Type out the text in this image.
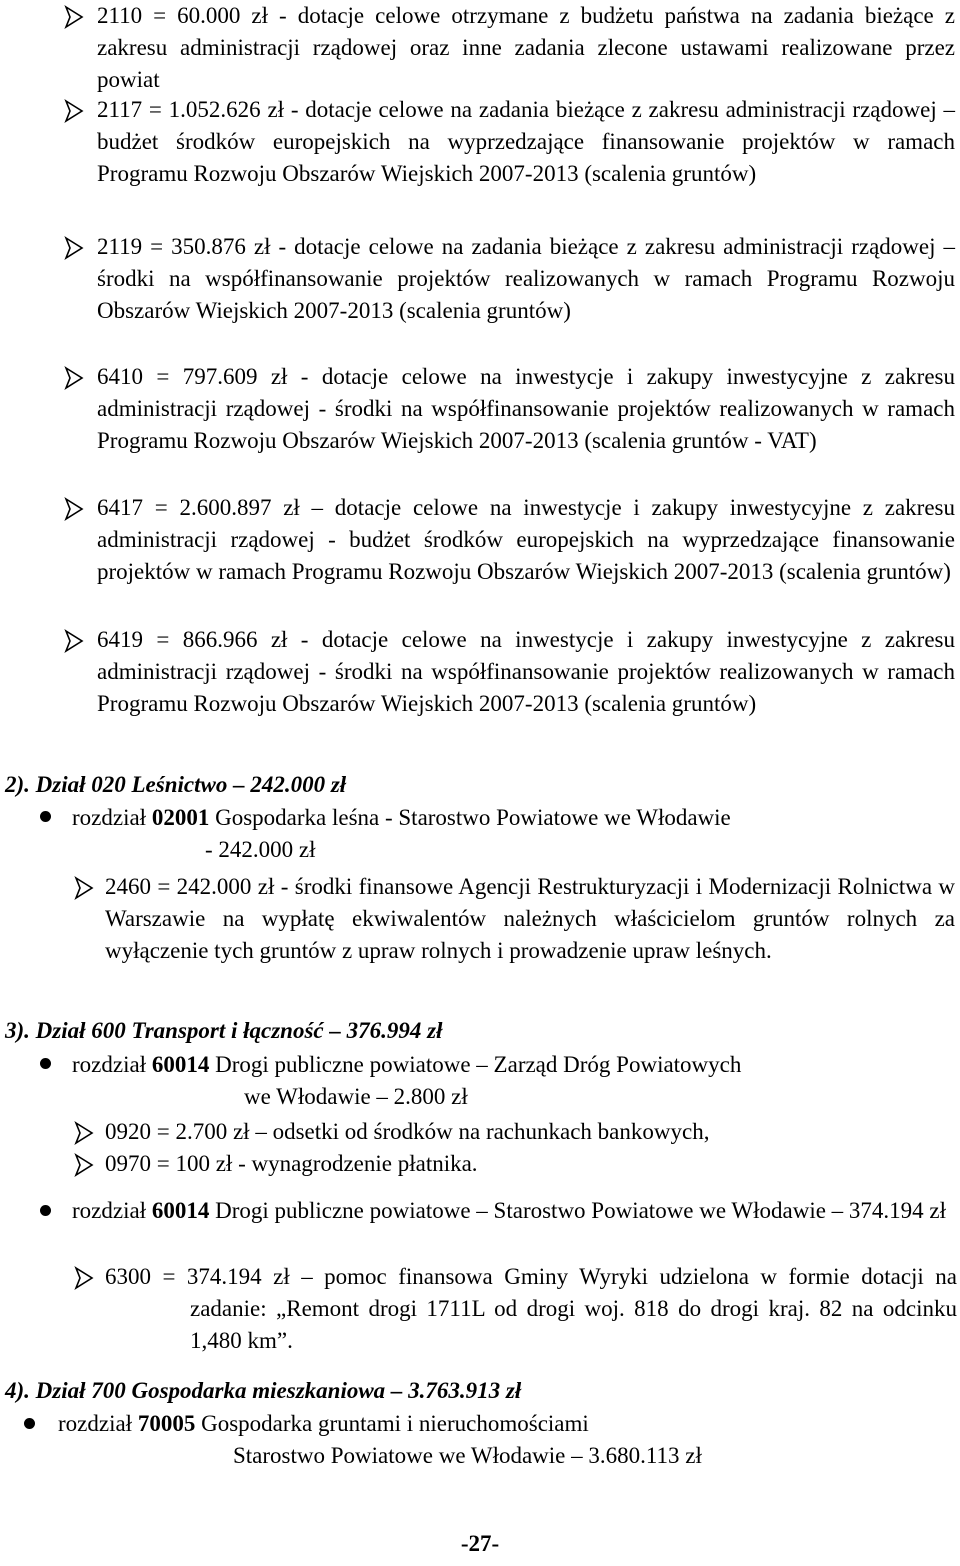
2110 = 60.000 zł - dotacje celowe otrzymane z budżetu państwa na zadania bieżące z zakresu administracji rządowej oraz inne zadania zlecone ustawami realizowane przez powiat
2117 = 1.052.626 zł - dotacje celowe na zadania bieżące z zakresu administracji rządowej – budżet środków europejskich na wyprzedzające finansowanie projektów w ramach Programu Rozwoju Obszarów Wiejskich 2007-2013 (scalenia gruntów)
2119 = 350.876 zł - dotacje celowe na zadania bieżące z zakresu administracji rządowej – środki na współfinansowanie projektów realizowanych w ramach Programu Rozwoju Obszarów Wiejskich 2007-2013 (scalenia gruntów)
6410 = 797.609 zł - dotacje celowe na inwestycje i zakupy inwestycyjne z zakresu administracji rządowej - środki na współfinansowanie projektów realizowanych w ramach Programu Rozwoju Obszarów Wiejskich 2007-2013 (scalenia gruntów - VAT)
6417 = 2.600.897 zł – dotacje celowe na inwestycje i zakupy inwestycyjne z zakresu administracji rządowej - budżet środków europejskich na wyprzedzające finansowanie projektów w ramach Programu Rozwoju Obszarów Wiejskich 2007-2013 (scalenia gruntów)
6419 = 866.966 zł - dotacje celowe na inwestycje i zakupy inwestycyjne z zakresu administracji rządowej - środki na współfinansowanie projektów realizowanych w ramach Programu Rozwoju Obszarów Wiejskich 2007-2013 (scalenia gruntów)
2). Dział 020 Leśnictwo – 242.000 zł
rozdział 02001 Gospodarka leśna - Starostwo Powiatowe we Włodawie
- 242.000 zł
2460 = 242.000 zł - środki finansowe Agencji Restrukturyzacji i Modernizacji Rolnictwa w Warszawie na wypłatę ekwiwalentów należnych właścicielom gruntów rolnych za wyłączenie tych gruntów z upraw rolnych i prowadzenie upraw leśnych.
3). Dział 600 Transport i łączność – 376.994 zł
rozdział 60014 Drogi publiczne powiatowe – Zarząd Dróg Powiatowych
we Włodawie – 2.800 zł
0920 = 2.700 zł – odsetki od środków na rachunkach bankowych,
0970 = 100 zł - wynagrodzenie płatnika.
rozdział 60014 Drogi publiczne powiatowe – Starostwo Powiatowe we Włodawie – 374.194 zł
6300 = 374.194 zł – pomoc finansowa Gminy Wyryki udzielona w formie dotacji na zadanie: „Remont drogi 1711L od drogi woj. 818 do drogi kraj. 82 na odcinku 1,480 km”.
4). Dział 700 Gospodarka mieszkaniowa – 3.763.913 zł
rozdział 70005 Gospodarka gruntami i nieruchomościami
Starostwo Powiatowe we Włodawie – 3.680.113 zł
-27-
